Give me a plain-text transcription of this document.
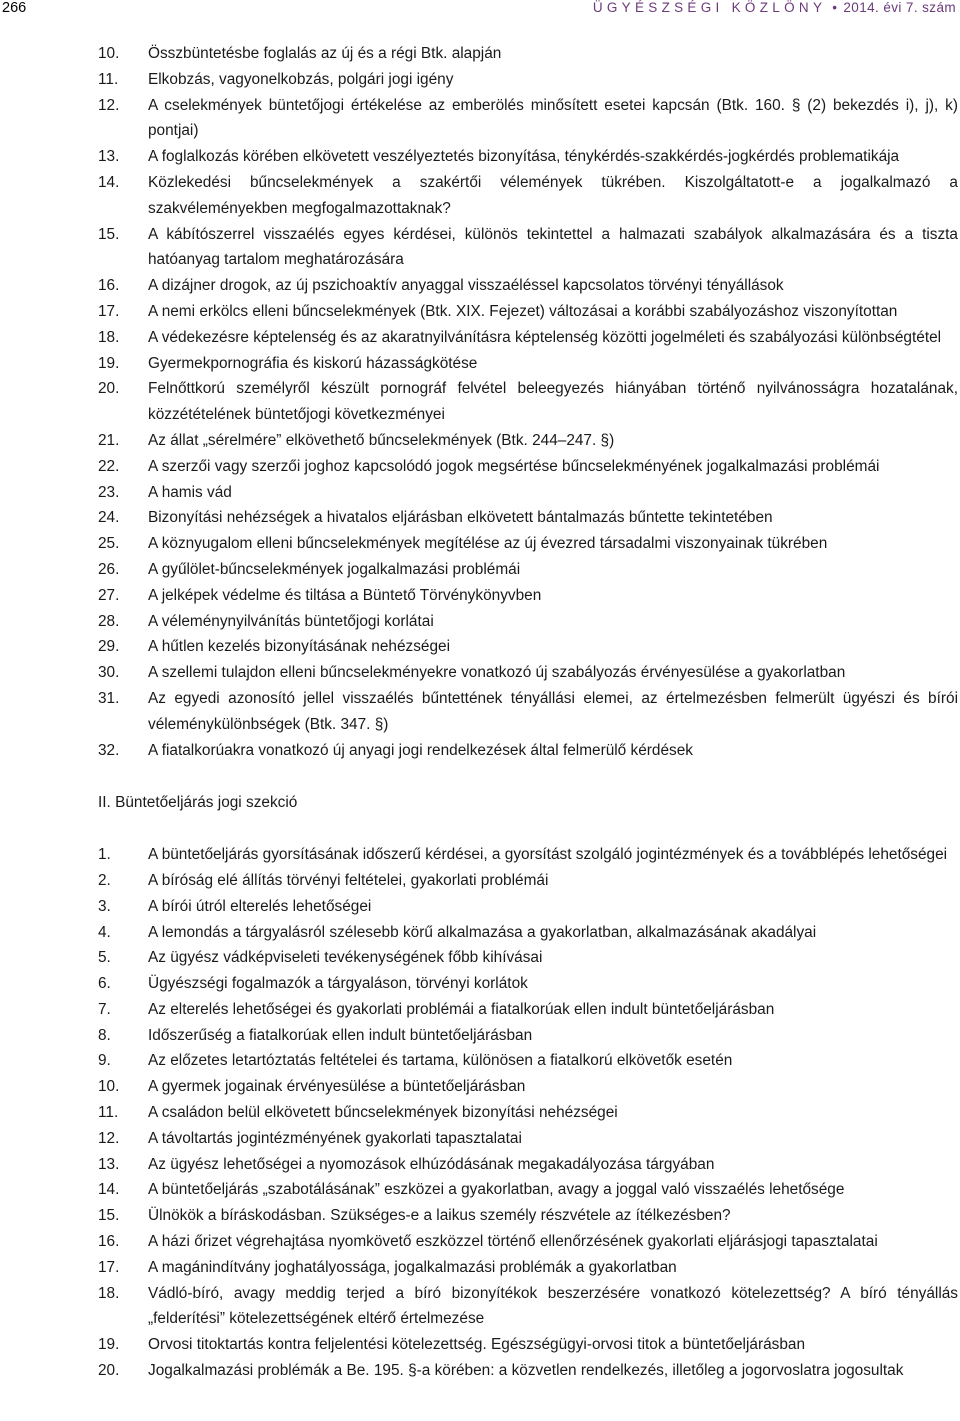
266	ÜGYÉSZSÉGI KÖZLÖNY • 2014. évi 7. szám
10.	Összbüntetésbe foglalás az új és a régi Btk. alapján
11.	Elkobzás, vagyonelkobzás, polgári jogi igény
12.	A cselekmények büntetőjogi értékelése az emberölés minősített esetei kapcsán (Btk. 160. § (2) bekezdés i), j), k) pontjai)
13.	A foglalkozás körében elkövetett veszélyeztetés bizonyítása, ténykérdés-szakkérdés-jogkérdés problematikája
14.	Közlekedési bűncselekmények a szakértői vélemények tükrében. Kiszolgáltatott-e a jogalkalmazó a szakvéleményekben megfogalmazottaknak?
15.	A kábítószerrel visszaélés egyes kérdései, különös tekintettel a halmazati szabályok alkalmazására és a tiszta hatóanyag tartalom meghatározására
16.	A dizájner drogok, az új pszichoaktív anyaggal visszaéléssel kapcsolatos törvényi tényállások
17.	A nemi erkölcs elleni bűncselekmények (Btk. XIX. Fejezet) változásai a korábbi szabályozáshoz viszonyítottan
18.	A védekezésre képtelenség és az akaratnyilvánításra képtelenség közötti jogelméleti és szabályozási különbségtétel
19.	Gyermekpornográfia és kiskorú házasságkötése
20.	Felnőttkorú személyről készült pornográf felvétel beleegyezés hiányában történő nyilvánosságra hozatalának, közzétételének büntetőjogi következményei
21.	Az állat „sérelmére” elkövethető bűncselekmények (Btk. 244–247. §)
22.	A szerzői vagy szerzői joghoz kapcsolódó jogok megsértése bűncselekményének jogalkalmazási problémái
23.	A hamis vád
24.	Bizonyítási nehézségek a hivatalos eljárásban elkövetett bántalmazás bűntette tekintetében
25.	A köznyugalom elleni bűncselekmények megítélése az új évezred társadalmi viszonyainak tükrében
26.	A gyűlölet-bűncselekmények jogalkalmazási problémái
27.	A jelképek védelme és tiltása a Büntető Törvénykönyvben
28.	A véleménynyilvánítás büntetőjogi korlátai
29.	A hűtlen kezelés bizonyításának nehézségei
30.	A szellemi tulajdon elleni bűncselekményekre vonatkozó új szabályozás érvényesülése a gyakorlatban
31.	Az egyedi azonosító jellel visszaélés bűntettének tényállási elemei, az értelmezésben felmerült ügyészi és bírói véleménykülönbségek (Btk. 347. §)
32.	A fiatalkorúakra vonatkozó új anyagi jogi rendelkezések által felmerülő kérdések
II. Büntetőeljárás jogi szekció
1.	A büntetőeljárás gyorsításának időszerű kérdései, a gyorsítást szolgáló jogintézmények és a továbblépés lehetőségei
2.	A bíróság elé állítás törvényi feltételei, gyakorlati problémái
3.	A bírói útról elterelés lehetőségei
4.	A lemondás a tárgyalásról szélesebb körű alkalmazása a gyakorlatban, alkalmazásának akadályai
5.	Az ügyész vádképviseleti tevékenységének főbb kihívásai
6.	Ügyészségi fogalmazók a tárgyaláson, törvényi korlátok
7.	Az elterelés lehetőségei és gyakorlati problémái a fiatalkorúak ellen indult büntetőeljárásban
8.	Időszerűség a fiatalkorúak ellen indult büntetőeljárásban
9.	Az előzetes letartóztatás feltételei és tartama, különösen a fiatalkorú elkövetők esetén
10.	A gyermek jogainak érvényesülése a büntetőeljárásban
11.	A családon belül elkövetett bűncselekmények bizonyítási nehézségei
12.	A távoltartás jogintézményének gyakorlati tapasztalatai
13.	Az ügyész lehetőségei a nyomozások elhúzódásának megakadályozása tárgyában
14.	A büntetőeljárás „szabotálásának” eszközei a gyakorlatban, avagy a joggal való visszaélés lehetősége
15.	Ülnökök a bíráskodásban. Szükséges-e a laikus személy részvétele az ítélkezésben?
16.	A házi őrizet végrehajtása nyomkövető eszközzel történő ellenőrzésének gyakorlati eljárásjogi tapasztalatai
17.	A magánindítvány joghatályossága, jogalkalmazási problémák a gyakorlatban
18.	Vádló-bíró, avagy meddig terjed a bíró bizonyítékok beszerzésére vonatkozó kötelezettség? A bíró tényállás „felderítési” kötelezettségének eltérő értelmezése
19.	Orvosi titoktartás kontra feljelentési kötelezettség. Egészségügyi-orvosi titok a büntetőeljárásban
20.	Jogalkalmazási problémák a Be. 195. §-a körében: a közvetlen rendelkezés, illetőleg a jogorvoslatra jogosultak
